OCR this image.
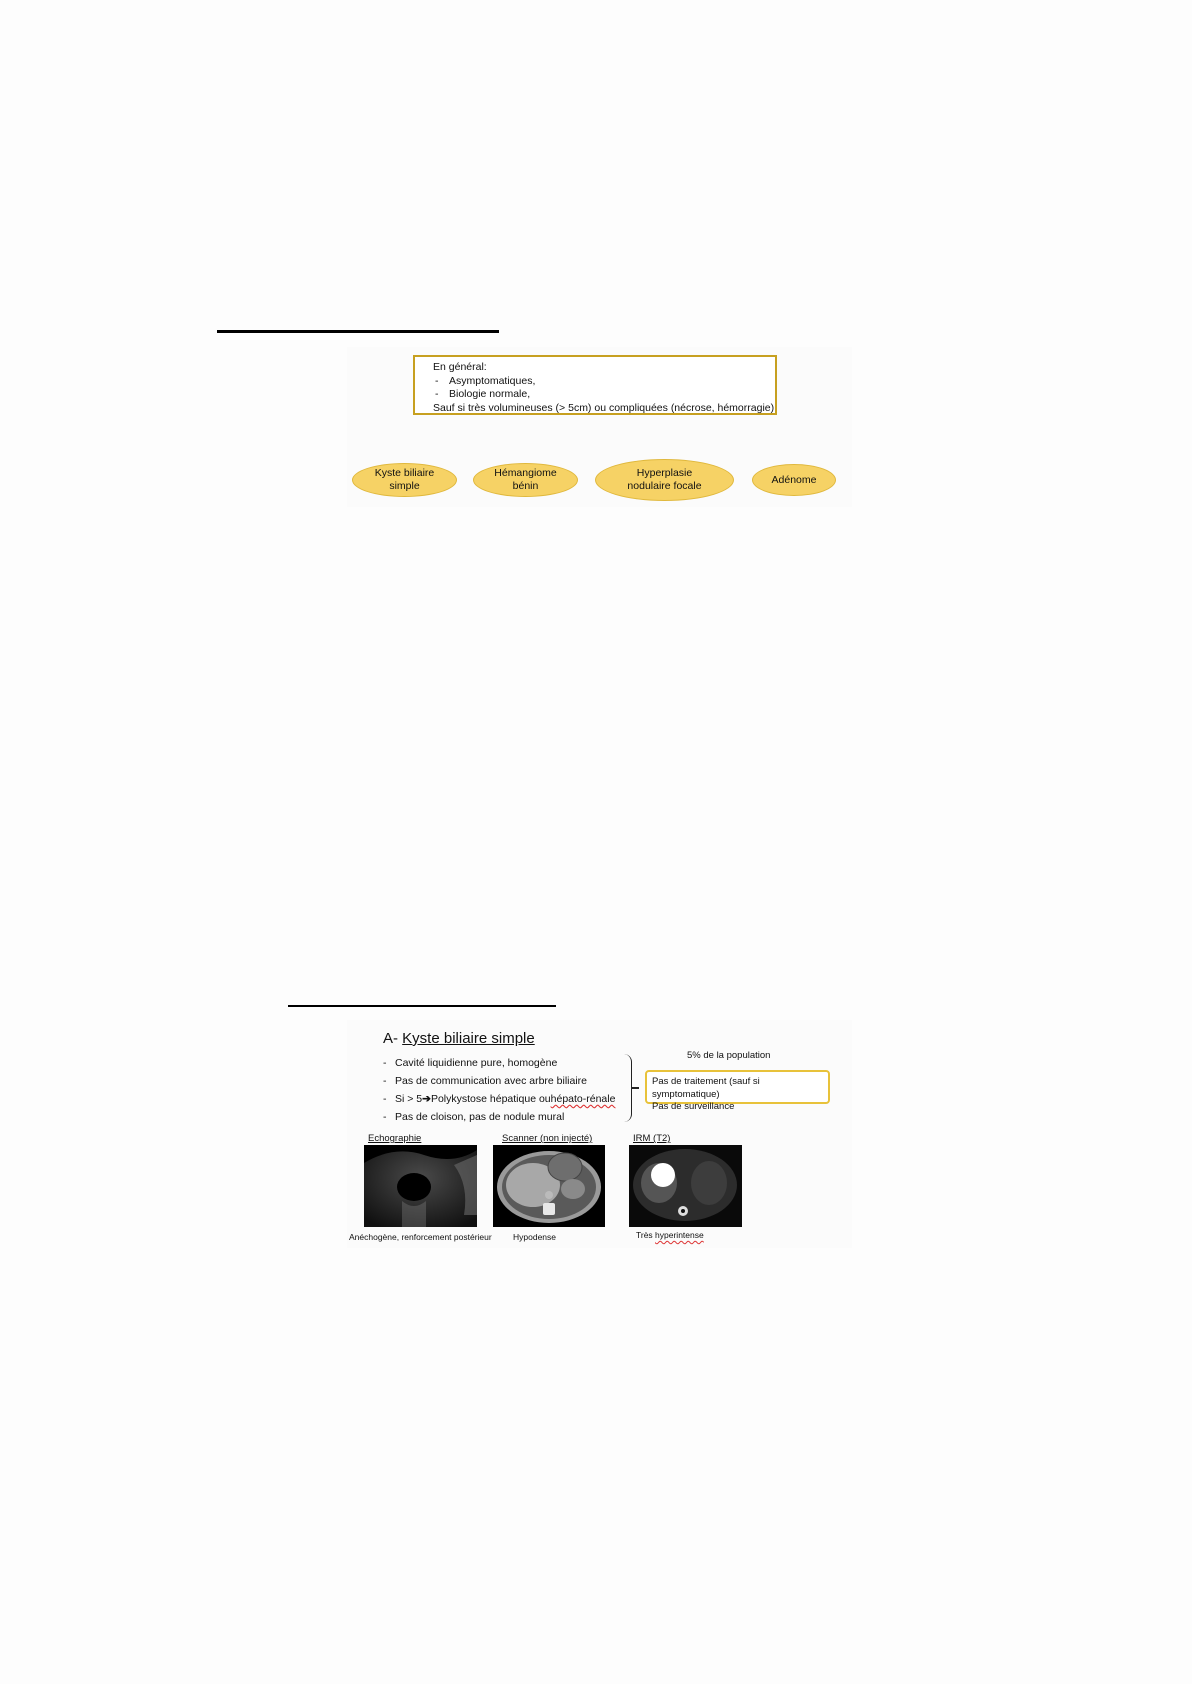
En général:
-	Asymptomatiques,
-	Biologie normale,
Sauf si très volumineuses (> 5cm) ou compliquées (nécrose, hémorragie)
Kyste biliaire
simple
Hémangiome
bénin
Hyperplasie
nodulaire focale
Adénome
A- Kyste biliaire simple
- Cavité liquidienne pure, homogène
- Pas de communication avec arbre biliaire
- Si > 5 ➔ Polykystose hépatique ou hépato-rénale
- Pas de cloison, pas de nodule mural
5% de la population
Pas de traitement (sauf si symptomatique)
Pas de surveillance
Echographie	Scanner (non injecté)	IRM (T2)
Anéchogène, renforcement postérieur	Hypodense	Très hyperintense
